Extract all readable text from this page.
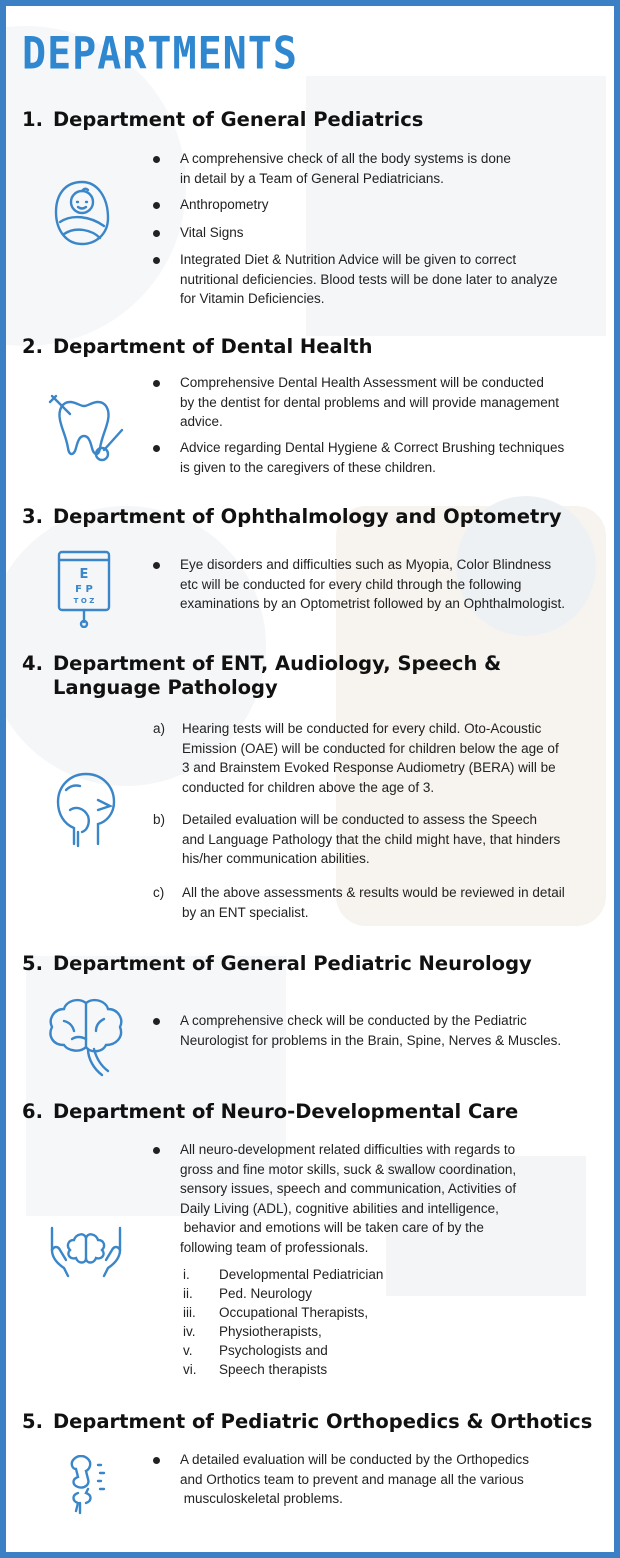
DEPARTMENTS
1. Department of General Pediatrics
A comprehensive check of all the body systems is done
in detail by a Team of General Pediatricians.
Anthropometry
Vital Signs
Integrated Diet & Nutrition Advice will be given to correct
nutritional deficiencies. Blood tests will be done later to analyze
for Vitamin Deficiencies.
2. Department of Dental Health
Comprehensive Dental Health Assessment will be conducted
by the dentist for dental problems and will provide management
advice.
Advice regarding Dental Hygiene & Correct Brushing techniques
is given to the caregivers of these children.
3. Department of Ophthalmology and Optometry
E
F P
T O Z
Eye disorders and difficulties such as Myopia, Color Blindness
etc will be conducted for every child through the following
examinations by an Optometrist followed by an Ophthalmologist.
4. Department of ENT, Audiology, Speech &
Language Pathology
a) Hearing tests will be conducted for every child. Oto-Acoustic
Emission (OAE) will be conducted for children below the age of
3 and Brainstem Evoked Response Audiometry (BERA) will be
conducted for children above the age of 3.
b) Detailed evaluation will be conducted to assess the Speech
and Language Pathology that the child might have, that hinders
his/her communication abilities.
c) All the above assessments & results would be reviewed in detail
by an ENT specialist.
5. Department of General Pediatric Neurology
A comprehensive check will be conducted by the Pediatric
Neurologist for problems in the Brain, Spine, Nerves & Muscles.
6. Department of Neuro-Developmental Care
All neuro-development related difficulties with regards to
gross and fine motor skills, suck & swallow coordination,
sensory issues, speech and communication, Activities of
Daily Living (ADL), cognitive abilities and intelligence,
behavior and emotions will be taken care of by the
following team of professionals.
i. Developmental Pediatrician
ii. Ped. Neurology
iii. Occupational Therapists,
iv. Physiotherapists,
v. Psychologists and
vi. Speech therapists
5. Department of Pediatric Orthopedics & Orthotics
A detailed evaluation will be conducted by the Orthopedics
and Orthotics team to prevent and manage all the various
musculoskeletal problems.
